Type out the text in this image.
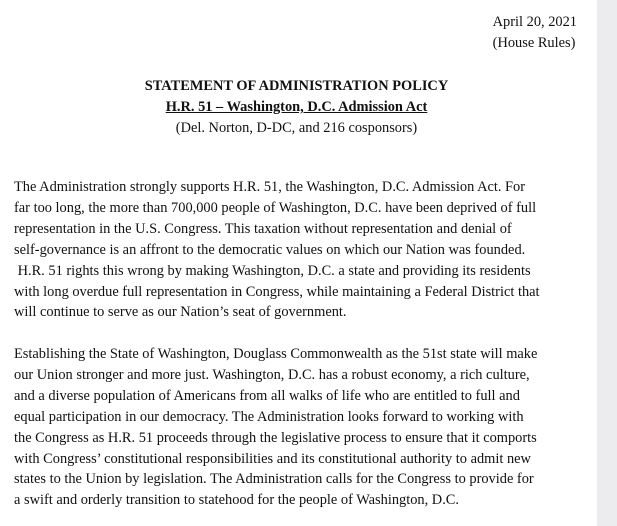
April 20, 2021
(House Rules)
STATEMENT OF ADMINISTRATION POLICY
H.R. 51 – Washington, D.C. Admission Act
(Del. Norton, D-DC, and 216 cosponsors)
The Administration strongly supports H.R. 51, the Washington, D.C. Admission Act. For
far too long, the more than 700,000 people of Washington, D.C. have been deprived of full
representation in the U.S. Congress. This taxation without representation and denial of
self-governance is an affront to the democratic values on which our Nation was founded.
H.R. 51 rights this wrong by making Washington, D.C. a state and providing its residents
with long overdue full representation in Congress, while maintaining a Federal District that
will continue to serve as our Nation’s seat of government.
Establishing the State of Washington, Douglass Commonwealth as the 51st state will make
our Union stronger and more just. Washington, D.C. has a robust economy, a rich culture,
and a diverse population of Americans from all walks of life who are entitled to full and
equal participation in our democracy. The Administration looks forward to working with
the Congress as H.R. 51 proceeds through the legislative process to ensure that it comports
with Congress’ constitutional responsibilities and its constitutional authority to admit new
states to the Union by legislation. The Administration calls for the Congress to provide for
a swift and orderly transition to statehood for the people of Washington, D.C.
